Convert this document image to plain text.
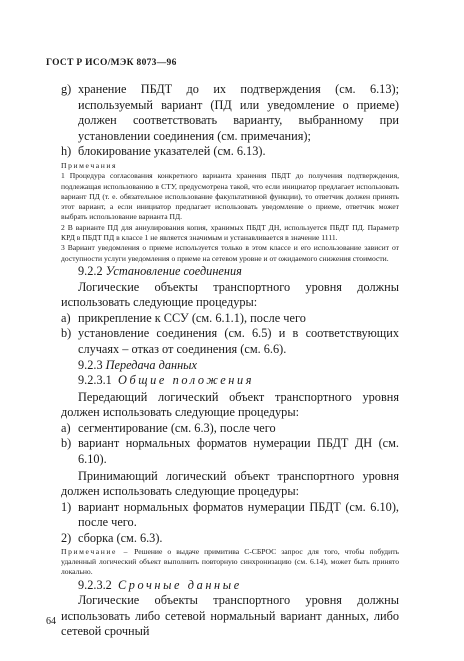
ГОСТ Р ИСО/МЭК 8073—96
g) хранение ПБДТ до их подтверждения (см. 6.13); используемый вариант (ПД или уведомление о приеме) должен соответствовать варианту, выбранному при установлении соединения (см. примечания);
h) блокирование указателей (см. 6.13).
Примечания
1 Процедура согласования конкретного варианта хранения ПБДТ до получения подтверждения, подлежащая использованию в СТУ, предусмотрена такой, что если инициатор предлагает использовать вариант ПД (т. е. обязательное использование факультативной функции), то ответчик должен принять этот вариант, а если инициатор предлагает использовать уведомление о приеме, ответчик может выбрать использование варианта ПД.
2 В варианте ПД для аннулирования копия, хранимых ПБДТ ДН, используется ПБДТ ПД. Параметр КРД в ПБДТ ПД в классе 1 не является значимым и устанавливается в значение 1111.
3 Вариант уведомления о приеме используется только в этом классе и его использование зависит от доступности услуги уведомления о приеме на сетевом уровне и от ожидаемого снижения стоимости.
9.2.2 Установление соединения
Логические объекты транспортного уровня должны использовать следующие процедуры:
a) прикрепление к ССУ (см. 6.1.1), после чего
b) установление соединения (см. 6.5) и в соответствующих случаях – отказ от соединения (см. 6.6).
9.2.3 Передача данных
9.2.3.1 Общие положения
Передающий логический объект транспортного уровня должен использовать следующие процедуры:
a) сегментирование (см. 6.3), после чего
b) вариант нормальных форматов нумерации ПБДТ ДН (см. 6.10).
Принимающий логический объект транспортного уровня должен использовать следующие процедуры:
1) вариант нормальных форматов нумерации ПБДТ (см. 6.10), после чего.
2) сборка (см. 6.3).
Примечание – Решение о выдаче примитива С-СБРОС запрос для того, чтобы побудить удаленный логический объект выполнить повторную синхронизацию (см. 6.14), может быть принято локально.
9.2.3.2 Срочные данные
Логические объекты транспортного уровня должны использовать либо сетевой нормальный вариант данных, либо сетевой срочный
64
